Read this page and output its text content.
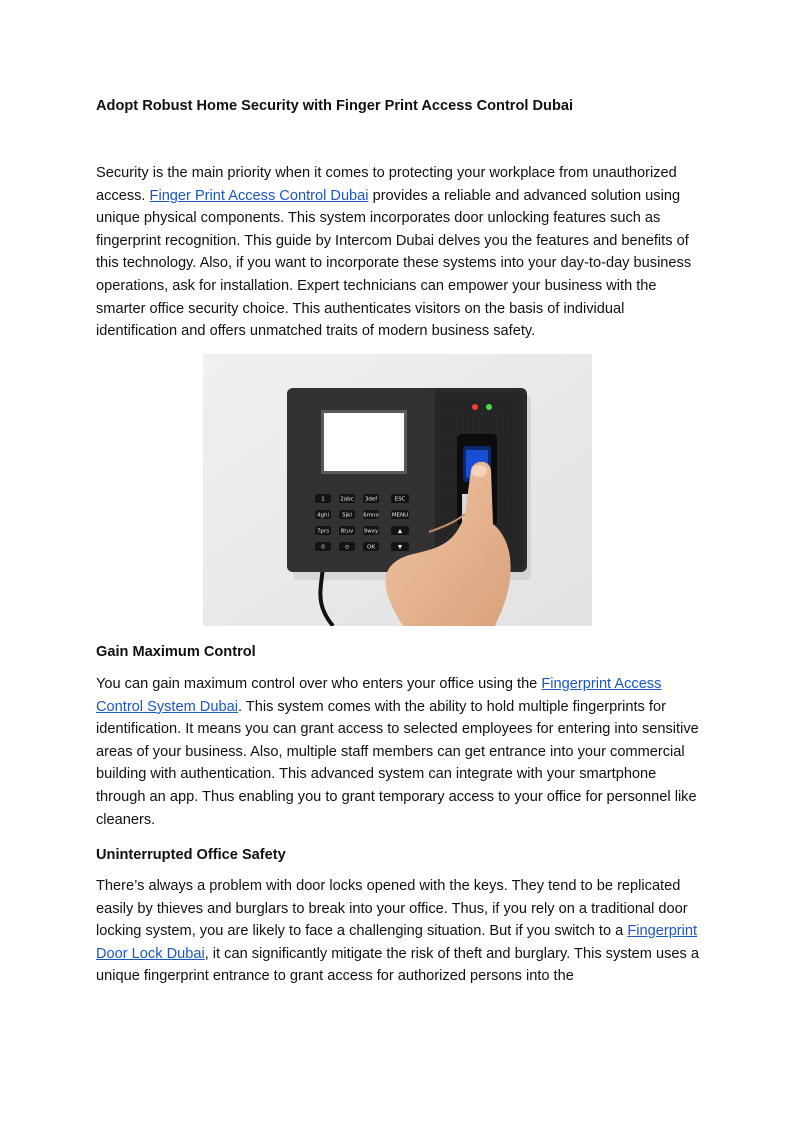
Adopt Robust Home Security with Finger Print Access Control Dubai

Security is the main priority when it comes to protecting your workplace from unauthorized access. Finger Print Access Control Dubai provides a reliable and advanced solution using unique physical components. This system incorporates door unlocking features such as fingerprint recognition. This guide by Intercom Dubai delves you the features and benefits of this technology. Also, if you want to incorporate these systems into your day-to-day business operations, ask for installation. Expert technicians can empower your business with the smarter office security choice. This authenticates visitors on the basis of individual identification and offers unmatched traits of modern business safety.

1	2abc 3def	ESC
4ghi 5jkl 6mno MENU
7prs 8tuv 9wxy	▲
0	⊙	OK	▼
Gain Maximum Control

You can gain maximum control over who enters your office using the Fingerprint Access Control System Dubai. This system comes with the ability to hold multiple fingerprints for identification. It means you can grant access to selected employees for entering into sensitive areas of your business. Also, multiple staff members can get entrance into your commercial building with authentication. This advanced system can integrate with your smartphone through an app. Thus enabling you to grant temporary access to your office for personnel like cleaners.

Uninterrupted Office Safety

There’s always a problem with door locks opened with the keys. They tend to be replicated easily by thieves and burglars to break into your office. Thus, if you rely on a traditional door locking system, you are likely to face a challenging situation. But if you switch to a Fingerprint Door Lock Dubai, it can significantly mitigate the risk of theft and burglary. This system uses a unique fingerprint entrance to grant access for authorized persons into the
